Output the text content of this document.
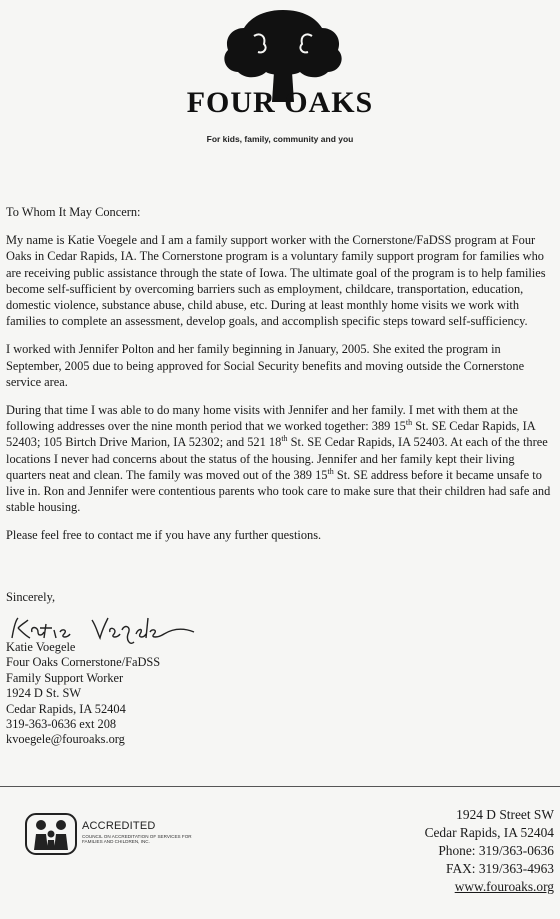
FOUR OAKS
For kids, family, community and you

To Whom It May Concern:

My name is Katie Voegele and I am a family support worker with the Cornerstone/FaDSS program at Four Oaks in Cedar Rapids, IA. The Cornerstone program is a voluntary family support program for families who are receiving public assistance through the state of Iowa. The ultimate goal of the program is to help families become self-sufficient by overcoming barriers such as employment, childcare, transportation, education, domestic violence, substance abuse, child abuse, etc. During at least monthly home visits we work with families to complete an assessment, develop goals, and accomplish specific steps toward self-sufficiency.

I worked with Jennifer Polton and her family beginning in January, 2005. She exited the program in September, 2005 due to being approved for Social Security benefits and moving outside the Cornerstone service area.

During that time I was able to do many home visits with Jennifer and her family. I met with them at the following addresses over the nine month period that we worked together: 389 15th St. SE Cedar Rapids, IA 52403; 105 Birtch Drive Marion, IA 52302; and 521 18th St. SE Cedar Rapids, IA 52403. At each of the three locations I never had concerns about the status of the housing. Jennifer and her family kept their living quarters neat and clean. The family was moved out of the 389 15th St. SE address before it became unsafe to live in. Ron and Jennifer were contentious parents who took care to make sure that their children had safe and stable housing.

Please feel free to contact me if you have any further questions.

Sincerely,
Katie Voegele
Four Oaks Cornerstone/FaDSS
Family Support Worker
1924 D St. SW
Cedar Rapids, IA 52404
319-363-0636 ext 208
kvoegele@fouroaks.org
ACCREDITED
COUNCIL ON ACCREDITATION OF SERVICES FOR FAMILIES AND CHILDREN, INC.
1924 D Street SW
Cedar Rapids, IA 52404
Phone: 319/363-0636
FAX: 319/363-4963
www.fouroaks.org
